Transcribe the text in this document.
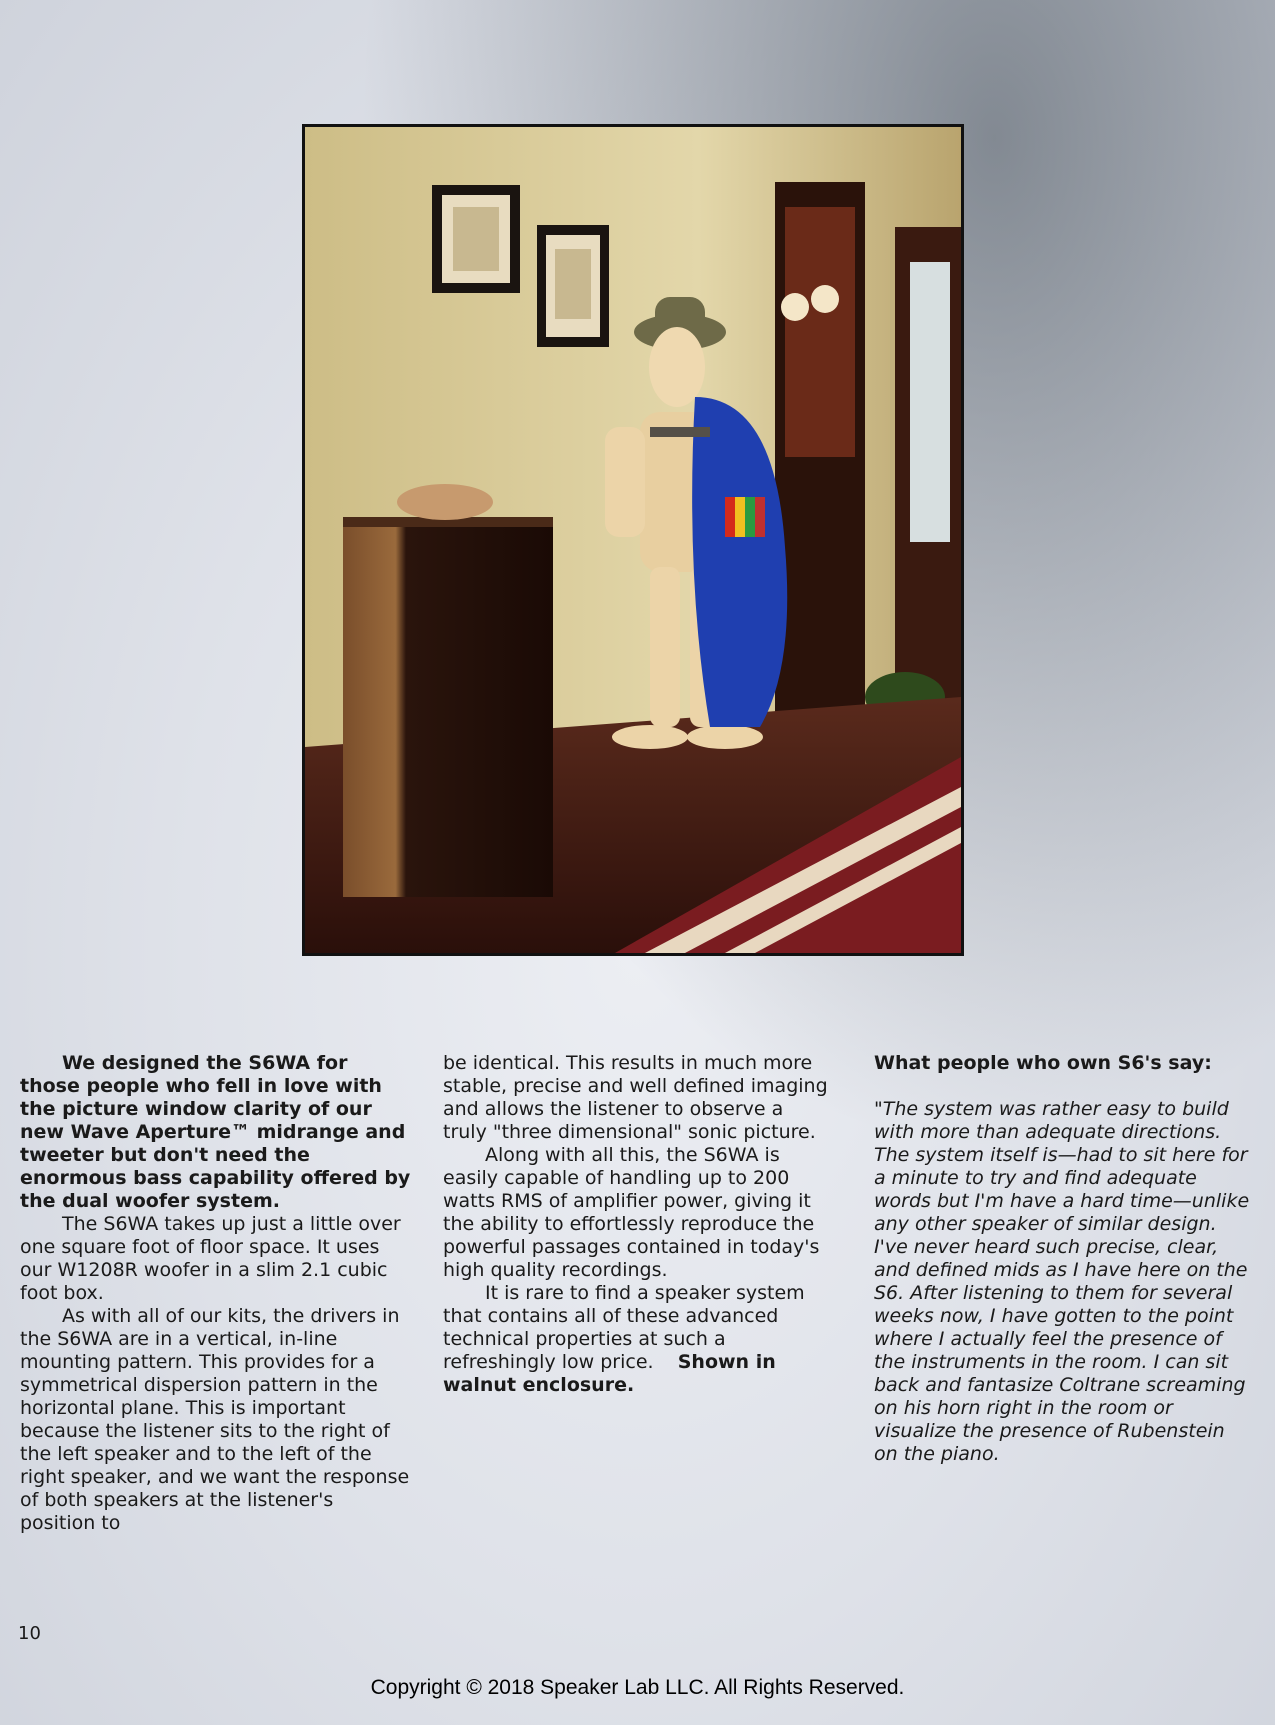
We designed the S6WA for those people who fell in love with the picture window clarity of our new Wave Aperture™ midrange and tweeter but don't need the enormous bass capability offered by the dual woofer system.

The S6WA takes up just a little over one square foot of floor space. It uses our W1208R woofer in a slim 2.1 cubic foot box.

As with all of our kits, the drivers in the S6WA are in a vertical, in-line mounting pattern. This provides for a symmetrical dispersion pattern in the horizontal plane. This is important because the listener sits to the right of the left speaker and to the left of the right speaker, and we want the response of both speakers at the listener's position to

be identical. This results in much more stable, precise and well defined imaging and allows the listener to observe a truly "three dimensional" sonic picture.

Along with all this, the S6WA is easily capable of handling up to 200 watts RMS of amplifier power, giving it the ability to effortlessly reproduce the powerful passages contained in today's high quality recordings.

It is rare to find a speaker system that contains all of these advanced technical properties at such a refreshingly low price. Shown in walnut enclosure.

What people who own S6's say:

"The system was rather easy to build with more than adequate directions. The system itself is—had to sit here for a minute to try and find adequate words but I'm have a hard time—unlike any other speaker of similar design. I've never heard such precise, clear, and defined mids as I have here on the S6. After listening to them for several weeks now, I have gotten to the point where I actually feel the presence of the instruments in the room. I can sit back and fantasize Coltrane screaming on his horn right in the room or visualize the presence of Rubenstein on the piano.

10
Copyright © 2018 Speaker Lab LLC. All Rights Reserved.
